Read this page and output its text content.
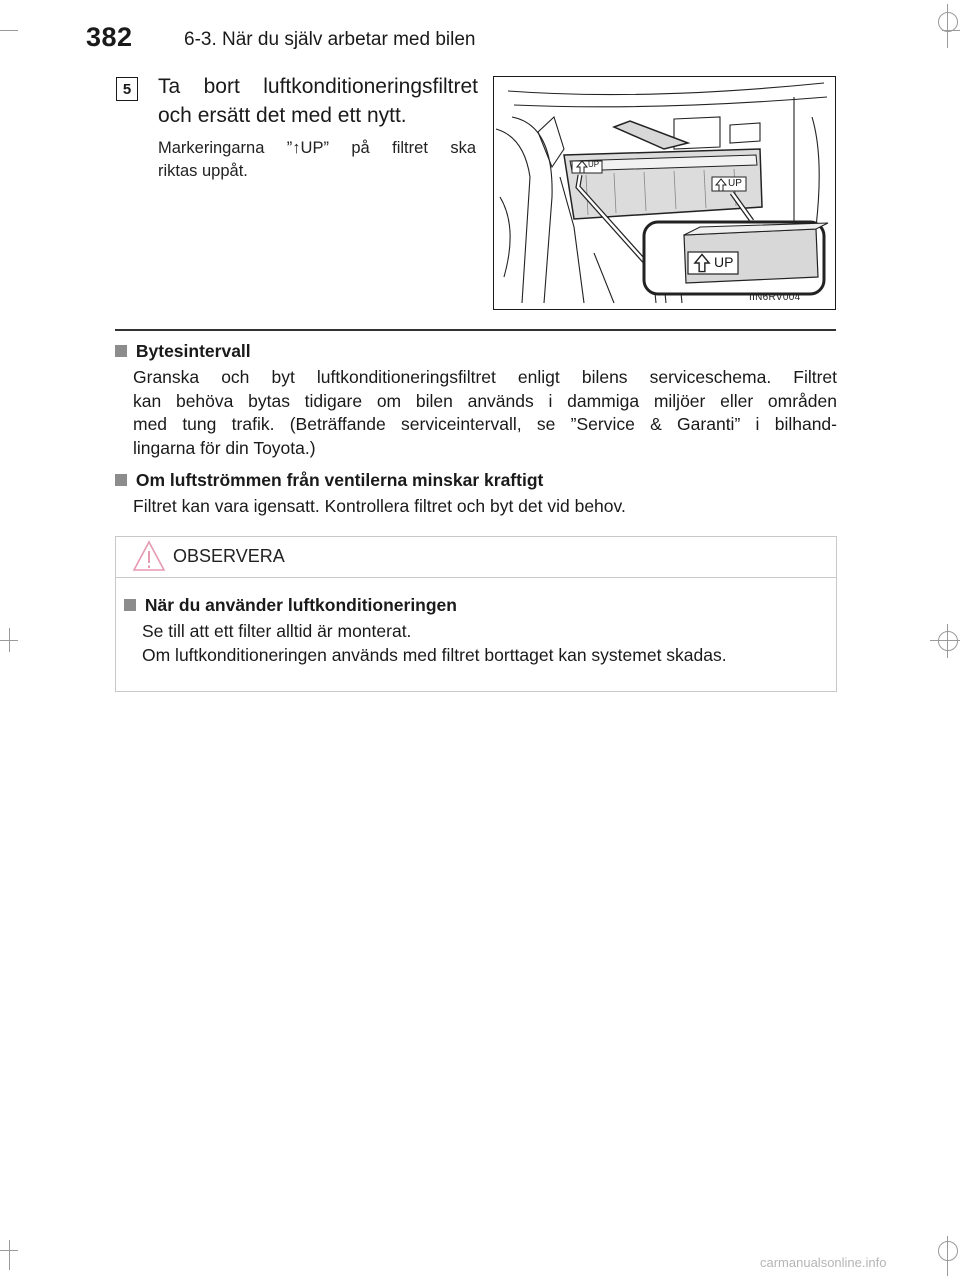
382	6-3. När du själv arbetar med bilen
5	Ta bort luftkonditioneringsfiltret
och ersätt det med ett nytt.
Markeringarna ”↑UP” på filtret ska
riktas uppåt.	UP
UP
UP
IIN6RV004
Bytesintervall
Granska och byt luftkonditioneringsfiltret enligt bilens serviceschema. Filtret
kan behöva bytas tidigare om bilen används i dammiga miljöer eller områden
med tung trafik. (Beträffande serviceintervall, se ”Service & Garanti” i bilhand-
lingarna för din Toyota.)
Om luftströmmen från ventilerna minskar kraftigt
Filtret kan vara igensatt. Kontrollera filtret och byt det vid behov.
OBSERVERA
När du använder luftkonditioneringen
Se till att ett filter alltid är monterat.
Om luftkonditioneringen används med filtret borttaget kan systemet skadas.
carmanualsonline.info
